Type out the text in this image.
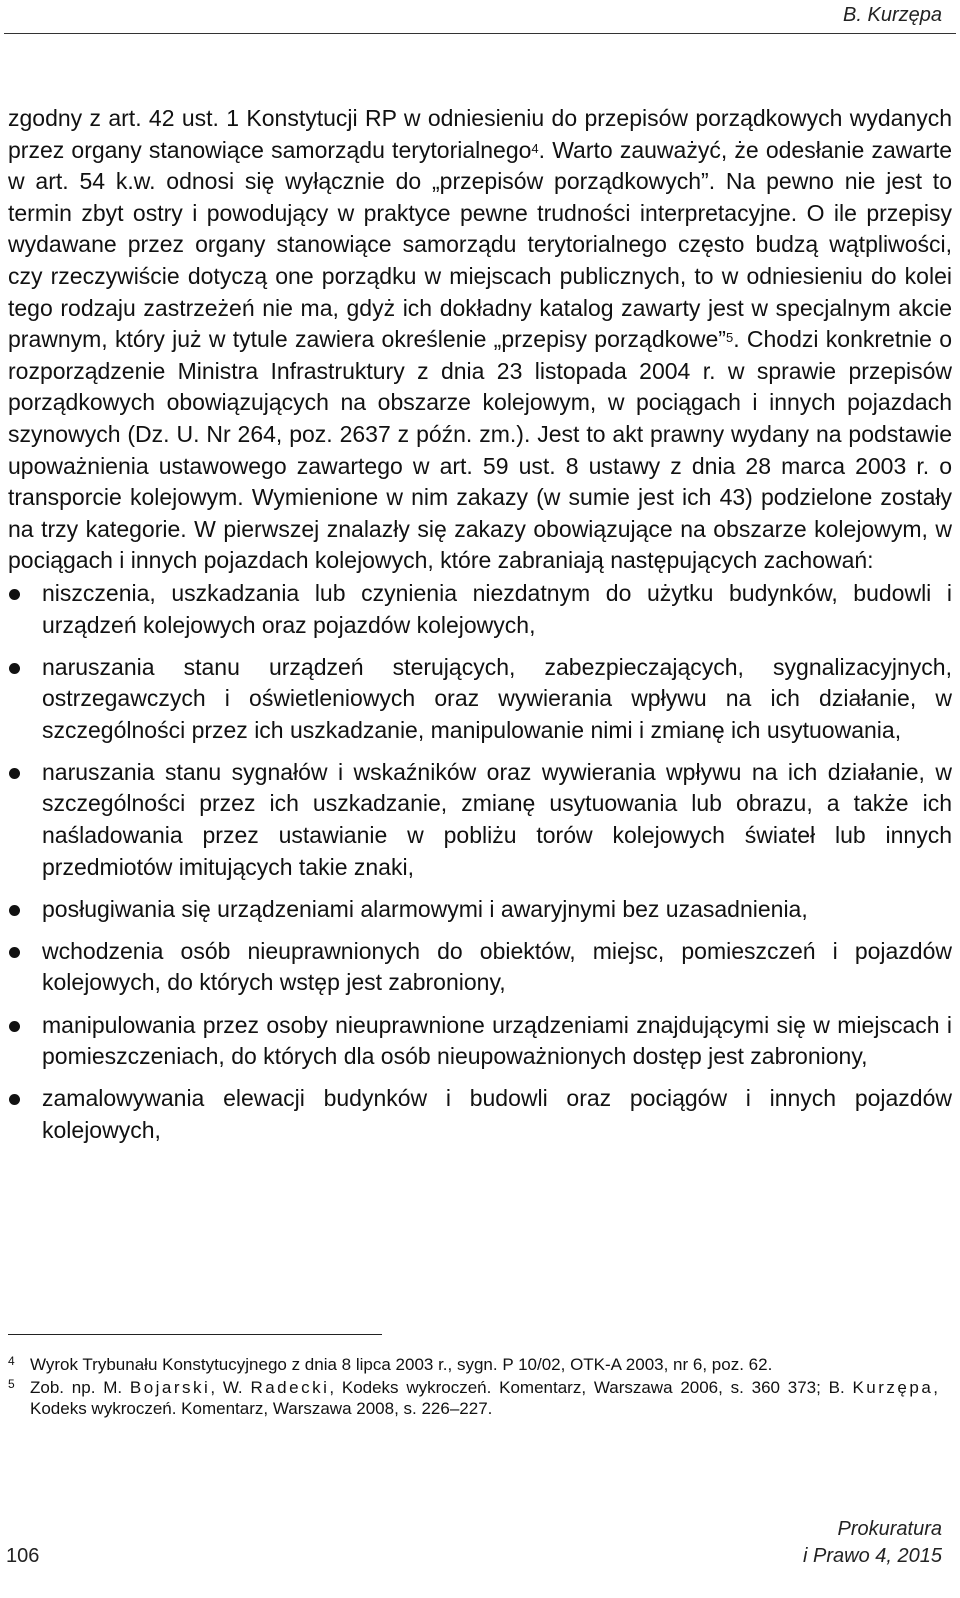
B. Kurzępa

zgodny z art. 42 ust. 1 Konstytucji RP w odniesieniu do przepisów porządkowych wydanych przez organy stanowiące samorządu terytorialnego$^4$. Warto zauważyć, że odesłanie zawarte w art. 54 k.w. odnosi się wyłącznie do „przepisów porządkowych”. Na pewno nie jest to termin zbyt ostry i powodujący w praktyce pewne trudności interpretacyjne. O ile przepisy wydawane przez organy stanowiące samorządu terytorialnego często budzą wątpliwości, czy rzeczywiście dotyczą one porządku w miejscach publicznych, to w odniesieniu do kolei tego rodzaju zastrzeżeń nie ma, gdyż ich dokładny katalog zawarty jest w specjalnym akcie prawnym, który już w tytule zawiera określenie „przepisy porządkowe”$^5$. Chodzi konkretnie o rozporządzenie Ministra Infrastruktury z dnia 23 listopada 2004 r. w sprawie przepisów porządkowych obowiązujących na obszarze kolejowym, w pociągach i innych pojazdach szynowych (Dz. U. Nr 264, poz. 2637 z późn. zm.). Jest to akt prawny wydany na podstawie upoważnienia ustawowego zawartego w art. 59 ust. 8 ustawy z dnia 28 marca 2003 r. o transporcie kolejowym. Wymienione w nim zakazy (w sumie jest ich 43) podzielone zostały na trzy kategorie. W pierwszej znalazły się zakazy obowiązujące na obszarze kolejowym, w pociągach i innych pojazdach kolejowych, które zabraniają następujących zachowań:

niszczenia, uszkadzania lub czynienia niezdatnym do użytku budynków, budowli i urządzeń kolejowych oraz pojazdów kolejowych,
naruszania stanu urządzeń sterujących, zabezpieczających, sygnalizacyjnych, ostrzegawczych i oświetleniowych oraz wywierania wpływu na ich działanie, w szczególności przez ich uszkadzanie, manipulowanie nimi i zmianę ich usytuowania,
naruszania stanu sygnałów i wskaźników oraz wywierania wpływu na ich działanie, w szczególności przez ich uszkadzanie, zmianę usytuowania lub obrazu, a także ich naśladowania przez ustawianie w pobliżu torów kolejowych świateł lub innych przedmiotów imitujących takie znaki,
posługiwania się urządzeniami alarmowymi i awaryjnymi bez uzasadnienia,
wchodzenia osób nieuprawnionych do obiektów, miejsc, pomieszczeń i pojazdów kolejowych, do których wstęp jest zabroniony,
manipulowania przez osoby nieuprawnione urządzeniami znajdującymi się w miejscach i pomieszczeniach, do których dla osób nieupoważnionych dostęp jest zabroniony,
zamalowywania elewacji budynków i budowli oraz pociągów i innych pojazdów kolejowych,
4 Wyrok Trybunału Konstytucyjnego z dnia 8 lipca 2003 r., sygn. P 10/02, OTK-A 2003, nr 6, poz. 62.
5 Zob. np. M. Bojarski, W. Radecki, Kodeks wykroczeń. Komentarz, Warszawa 2006, s. 360 373; B. Kurzępa, Kodeks wykroczeń. Komentarz, Warszawa 2008, s. 226–227.
106
Prokuratura
i Prawo 4, 2015
